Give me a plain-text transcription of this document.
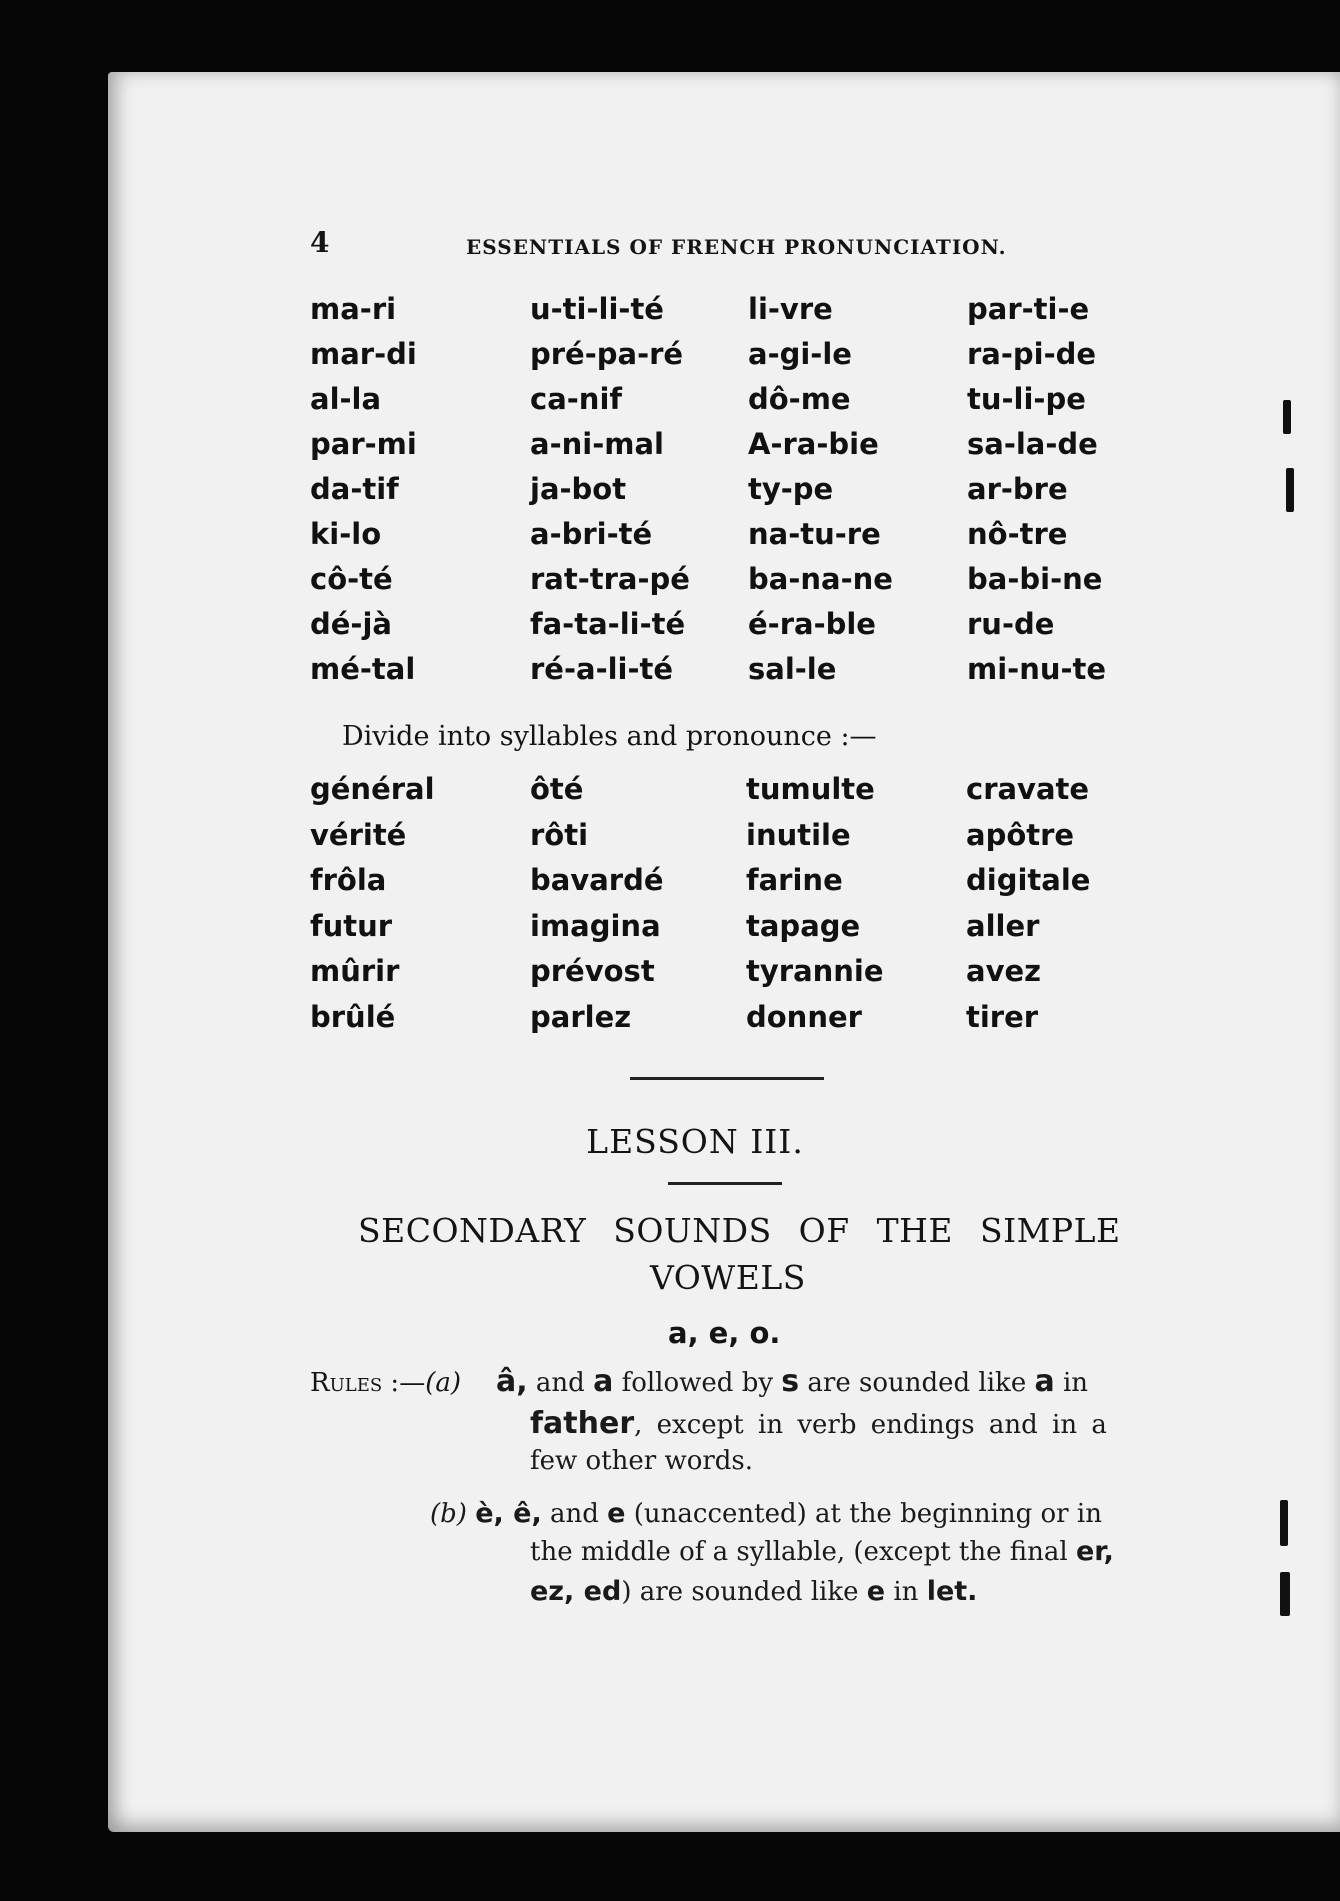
4	ESSENTIALS OF FRENCH PRONUNCIATION.
ma-ri
mar-di
al-la
par-mi
da-tif
ki-lo
cô-té
dé-jà
mé-tal
u-ti-li-té
pré-pa-ré
ca-nif
a-ni-mal
ja-bot
a-bri-té
rat-tra-pé
fa-ta-li-té
ré-a-li-té
li-vre
a-gi-le
dô-me
A-ra-bie
ty-pe
na-tu-re
ba-na-ne
é-ra-ble
sal-le
par-ti-e
ra-pi-de
tu-li-pe
sa-la-de
ar-bre
nô-tre
ba-bi-ne
ru-de
mi-nu-te
Divide into syllables and pronounce :—
général
vérité
frôla
futur
mûrir
brûlé
ôté
rôti
bavardé
imagina
prévost
parlez
tumulte
inutile
farine
tapage
tyrannie
donner
cravate
apôtre
digitale
aller
avez
tirer
LESSON III.
SECONDARY SOUNDS OF THE SIMPLE
VOWELS
a, e, o.
Rules :—(a) â, and a followed by s are sounded like a in
father, except in verb endings and in a
few other words.
(b) è, ê, and e (unaccented) at the beginning or in
the middle of a syllable, (except the final er,
ez, ed) are sounded like e in let.
